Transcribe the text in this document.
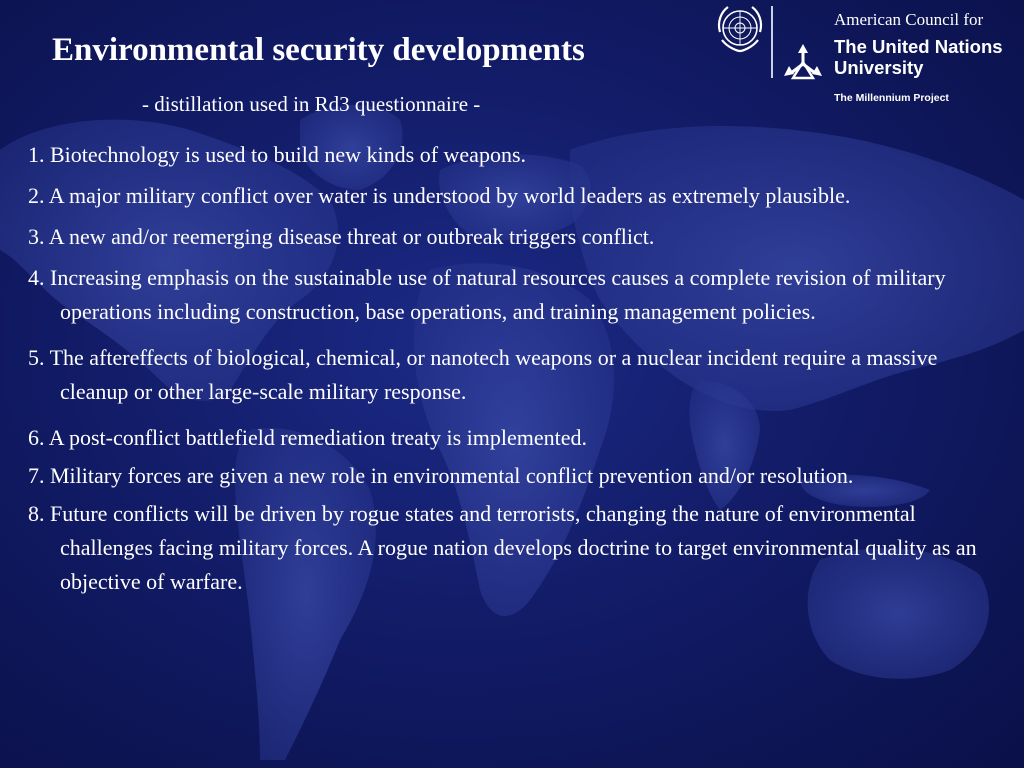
American Council for
The United Nations
University
The Millennium Project
Environmental security developments
- distillation used in Rd3 questionnaire -

1. Biotechnology is used to build new kinds of weapons.

2. A major military conflict over water is understood by world leaders as extremely plausible.

3. A new and/or reemerging disease threat or outbreak triggers conflict.

4. Increasing emphasis on the sustainable use of natural resources causes a complete revision of military operations including construction, base operations, and training management policies.

5. The aftereffects of biological, chemical, or nanotech weapons or a nuclear incident require a massive cleanup or other large-scale military response.

6. A post-conflict battlefield remediation treaty is implemented.

7. Military forces are given a new role in environmental conflict prevention and/or resolution.

8. Future conflicts will be driven by rogue states and terrorists, changing the nature of environmental challenges facing military forces. A rogue nation develops doctrine to target environmental quality as an objective of warfare.
